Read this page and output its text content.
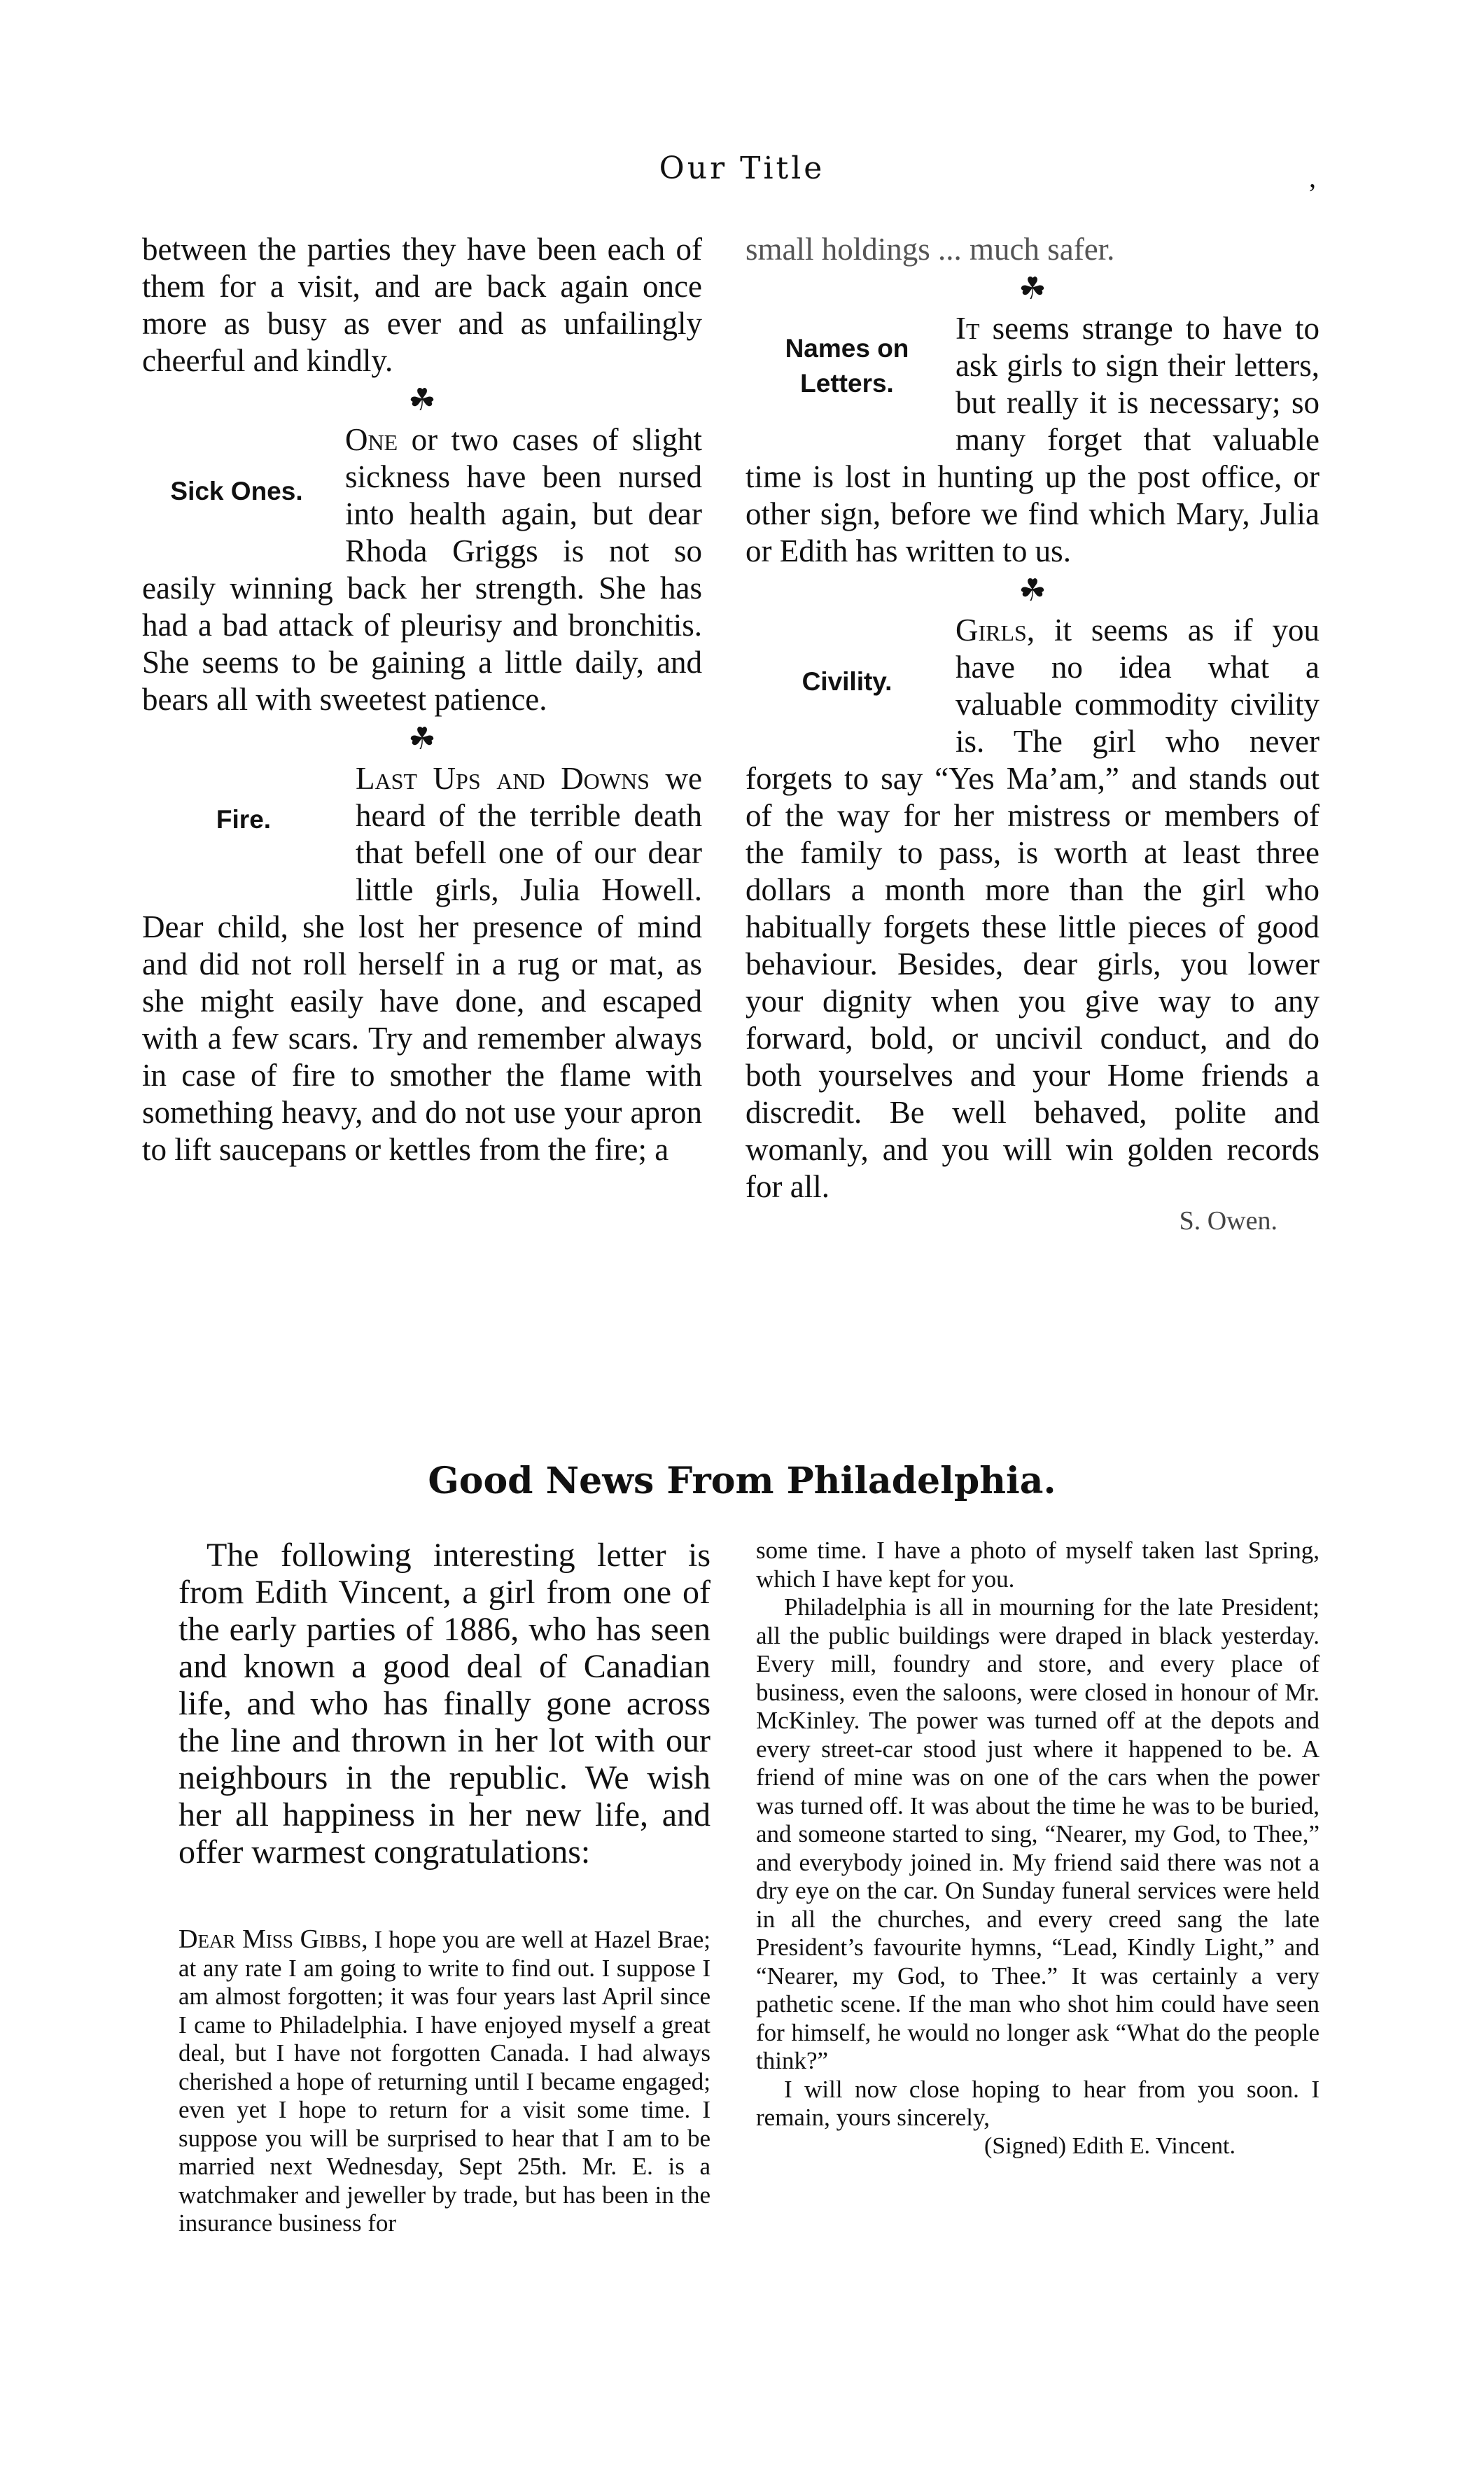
Our Title	,

between the parties they have been each of them for a visit, and are back again once more as busy as ever and as unfailingly cheerful and kindly.

☘
Sick Ones.

One or two cases of slight sickness have been nursed into health again, but dear Rhoda Griggs is not so easily winning back her strength. She has had a bad attack of pleurisy and bronchitis. She seems to be gaining a little daily, and bears all with sweetest patience.

☘
Fire.

Last Ups and Downs we heard of the terrible death that befell one of our dear little girls, Julia Howell. Dear child, she lost her presence of mind and did not roll herself in a rug or mat, as she might easily have done, and escaped with a few scars. Try and remember always in case of fire to smother the flame with something heavy, and do not use your apron to lift saucepans or kettles from the fire; a

small holdings ... much safer.

☘
Names on
Letters.

It seems strange to have to ask girls to sign their letters, but really it is necessary; so many forget that valuable time is lost in hunting up the post office, or other sign, before we find which Mary, Julia or Edith has written to us.

☘
Civility.

Girls, it seems as if you have no idea what a valuable commodity civility is. The girl who never forgets to say “Yes Ma’am,” and stands out of the way for her mistress or members of the family to pass, is worth at least three dollars a month more than the girl who habitually forgets these little pieces of good behaviour. Besides, dear girls, you lower your dignity when you give way to any forward, bold, or uncivil conduct, and do both yourselves and your Home friends a discredit. Be well behaved, polite and womanly, and you will win golden records for all.

S. Owen.
Good News From Philadelphia.
The following interesting letter is from Edith Vincent, a girl from one of the early parties of 1886, who has seen and known a good deal of Canadian life, and who has finally gone across the line and thrown in her lot with our neighbours in the republic. We wish her all happiness in her new life, and offer warmest congratulations:
Dear Miss Gibbs, I hope you are well at Hazel Brae; at any rate I am going to write to find out. I suppose I am almost forgotten; it was four years last April since I came to Philadelphia. I have enjoyed myself a great deal, but I have not forgotten Canada. I had always cherished a hope of returning until I became engaged; even yet I hope to return for a visit some time. I suppose you will be surprised to hear that I am to be married next Wednesday, Sept 25th. Mr. E. is a watchmaker and jeweller by trade, but has been in the insurance business for

some time. I have a photo of myself taken last Spring, which I have kept for you.

Philadelphia is all in mourning for the late President; all the public buildings were draped in black yesterday. Every mill, foundry and store, and every place of business, even the saloons, were closed in honour of Mr. McKinley. The power was turned off at the depots and every street-car stood just where it happened to be. A friend of mine was on one of the cars when the power was turned off. It was about the time he was to be buried, and someone started to sing, “Nearer, my God, to Thee,” and everybody joined in. My friend said there was not a dry eye on the car. On Sunday funeral services were held in all the churches, and every creed sang the late President’s favourite hymns, “Lead, Kindly Light,” and “Nearer, my God, to Thee.” It was certainly a very pathetic scene. If the man who shot him could have seen for himself, he would no longer ask “What do the people think?”

I will now close hoping to hear from you soon. I remain, yours sincerely,

(Signed) Edith E. Vincent.
